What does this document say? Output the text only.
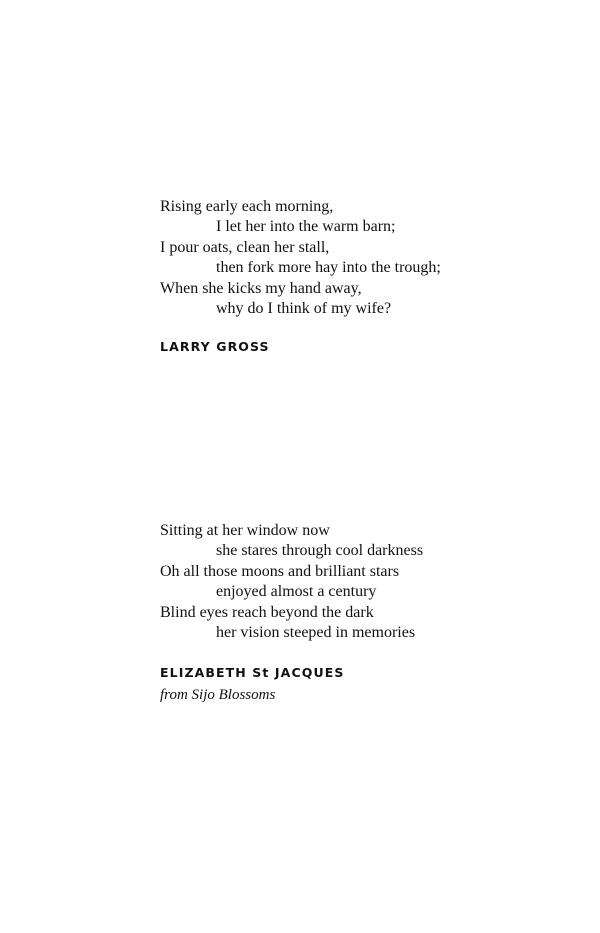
Rising early each morning,

I let her into the warm barn;

I pour oats, clean her stall,

then fork more hay into the trough;

When she kicks my hand away,

why do I think of my wife?

LARRY GROSS

Sitting at her window now

she stares through cool darkness

Oh all those moons and brilliant stars

enjoyed almost a century

Blind eyes reach beyond the dark

her vision steeped in memories

ELIZABETH St JACQUES
from Sijo Blossoms
